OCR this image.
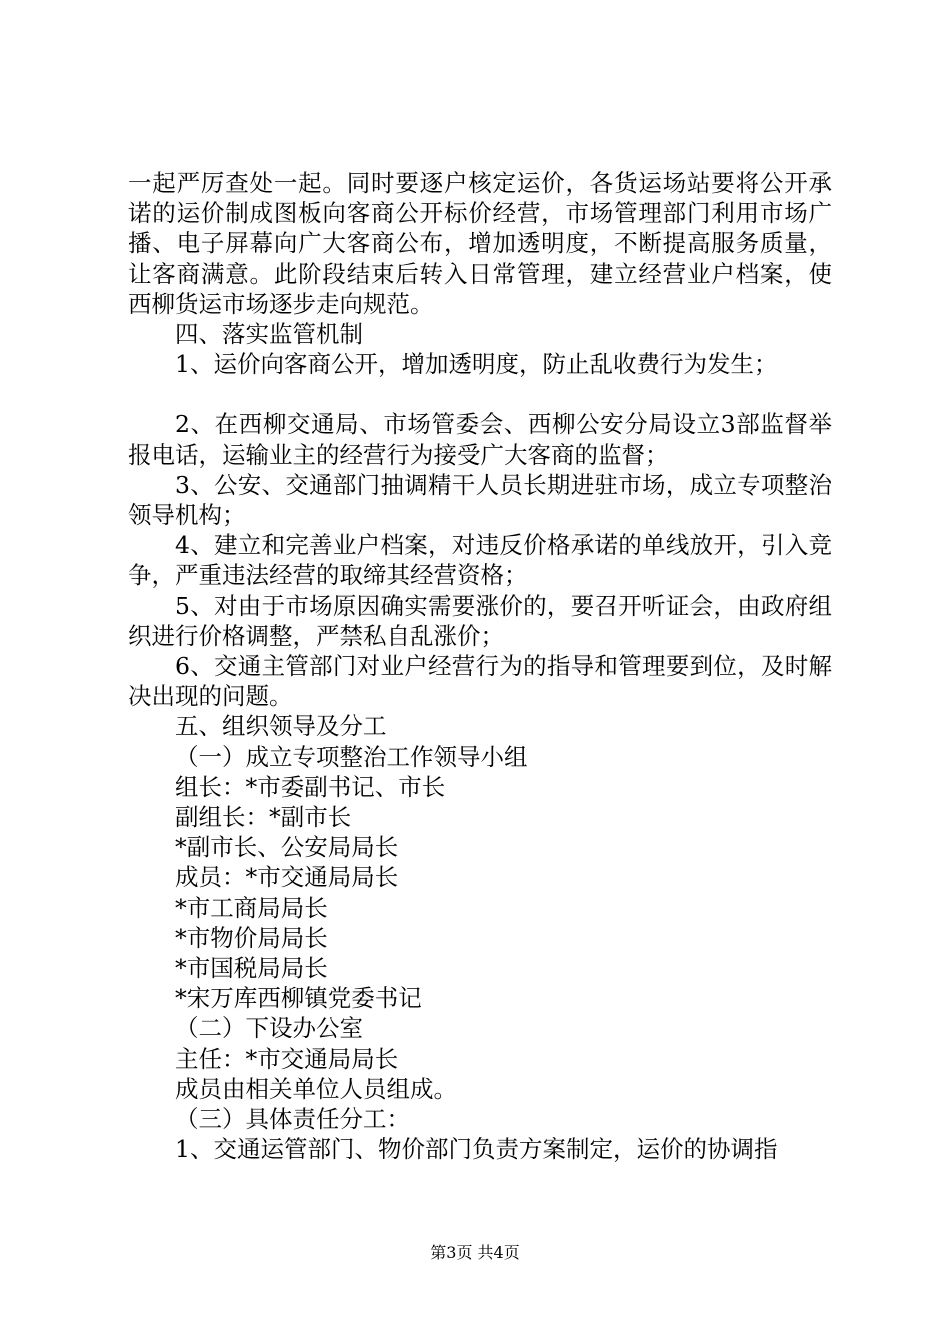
一起严厉查处一起。同时要逐户核定运价，各货运场站要将公开承诺的运价制成图板向客商公开标价经营，市场管理部门利用市场广播、电子屏幕向广大客商公布，增加透明度，不断提高服务质量，让客商满意。此阶段结束后转入日常管理，建立经营业户档案，使西柳货运市场逐步走向规范。

四、落实监管机制

1、运价向客商公开，增加透明度，防止乱收费行为发生；

2、在西柳交通局、市场管委会、西柳公安分局设立3部监督举报电话，运输业主的经营行为接受广大客商的监督；

3、公安、交通部门抽调精干人员长期进驻市场，成立专项整治领导机构；

4、建立和完善业户档案，对违反价格承诺的单线放开，引入竞争，严重违法经营的取缔其经营资格；

5、对由于市场原因确实需要涨价的，要召开听证会，由政府组织进行价格调整，严禁私自乱涨价；

6、交通主管部门对业户经营行为的指导和管理要到位，及时解决出现的问题。

五、组织领导及分工

（一）成立专项整治工作领导小组

组长：*市委副书记、市长

副组长：*副市长

*副市长、公安局局长

成员：*市交通局局长

*市工商局局长

*市物价局局长

*市国税局局长

*宋万库西柳镇党委书记

（二）下设办公室

主任：*市交通局局长

成员由相关单位人员组成。

（三）具体责任分工：

1、交通运管部门、物价部门负责方案制定，运价的协调指

第3页 共4页
